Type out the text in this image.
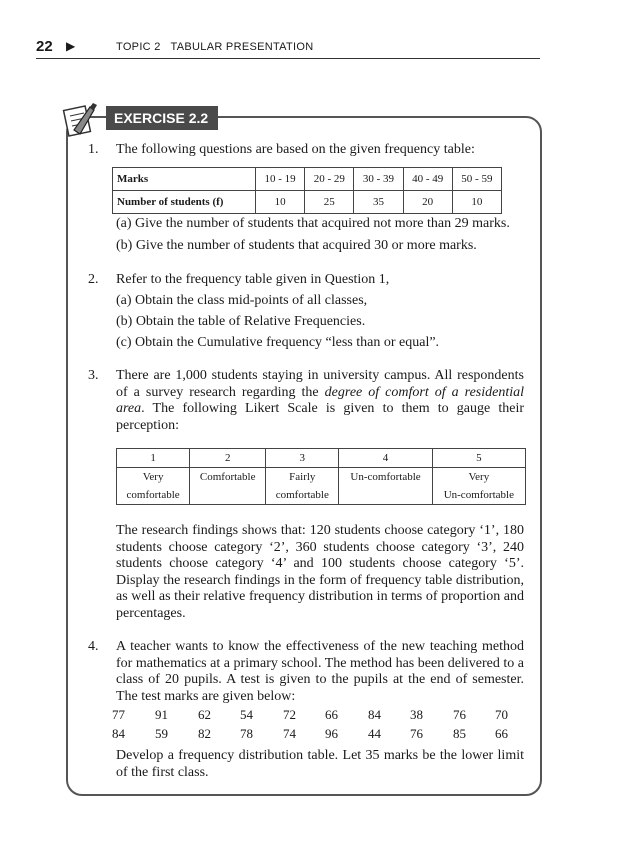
22 ▶	TOPIC 2   TABULAR PRESENTATION
EXERCISE 2.2
1. The following questions are based on the given frequency table:
Marks	10 - 19	20 - 29	30 - 39	40 - 49	50 - 59
Number of students (f)	10	25	35	20	10
(a) Give the number of students that acquired not more than 29 marks.
(b) Give the number of students that acquired 30 or more marks.
2. Refer to the frequency table given in Question 1,
(a) Obtain the class mid-points of all classes,
(b) Obtain the table of Relative Frequencies.
(c) Obtain the Cumulative frequency “less than or equal”.
3. There are 1,000 students staying in university campus. All respondents of a survey research regarding the degree of comfort of a residential area. The following Likert Scale is given to them to gauge their perception:
1	2	3	4	5
Very	Comfortable	Fairly	Un-comfortable	Very
comfortable		comfortable		Un-comfortable
The research findings shows that: 120 students choose category ‘1’, 180 students choose category ‘2’, 360 students choose category ‘3’, 240 students choose category ‘4’ and 100 students choose category ‘5’. Display the research findings in the form of frequency table distribution, as well as their relative frequency distribution in terms of proportion and percentages.
4. A teacher wants to know the effectiveness of the new teaching method for mathematics at a primary school. The method has been delivered to a class of 20 pupils. A test is given to the pupils at the end of semester. The test marks are given below:
77 91 62 54 72 66 84 38 76 70
84 59 82 78 74 96 44 76 85 66
Develop a frequency distribution table. Let 35 marks be the lower limit of the first class.
